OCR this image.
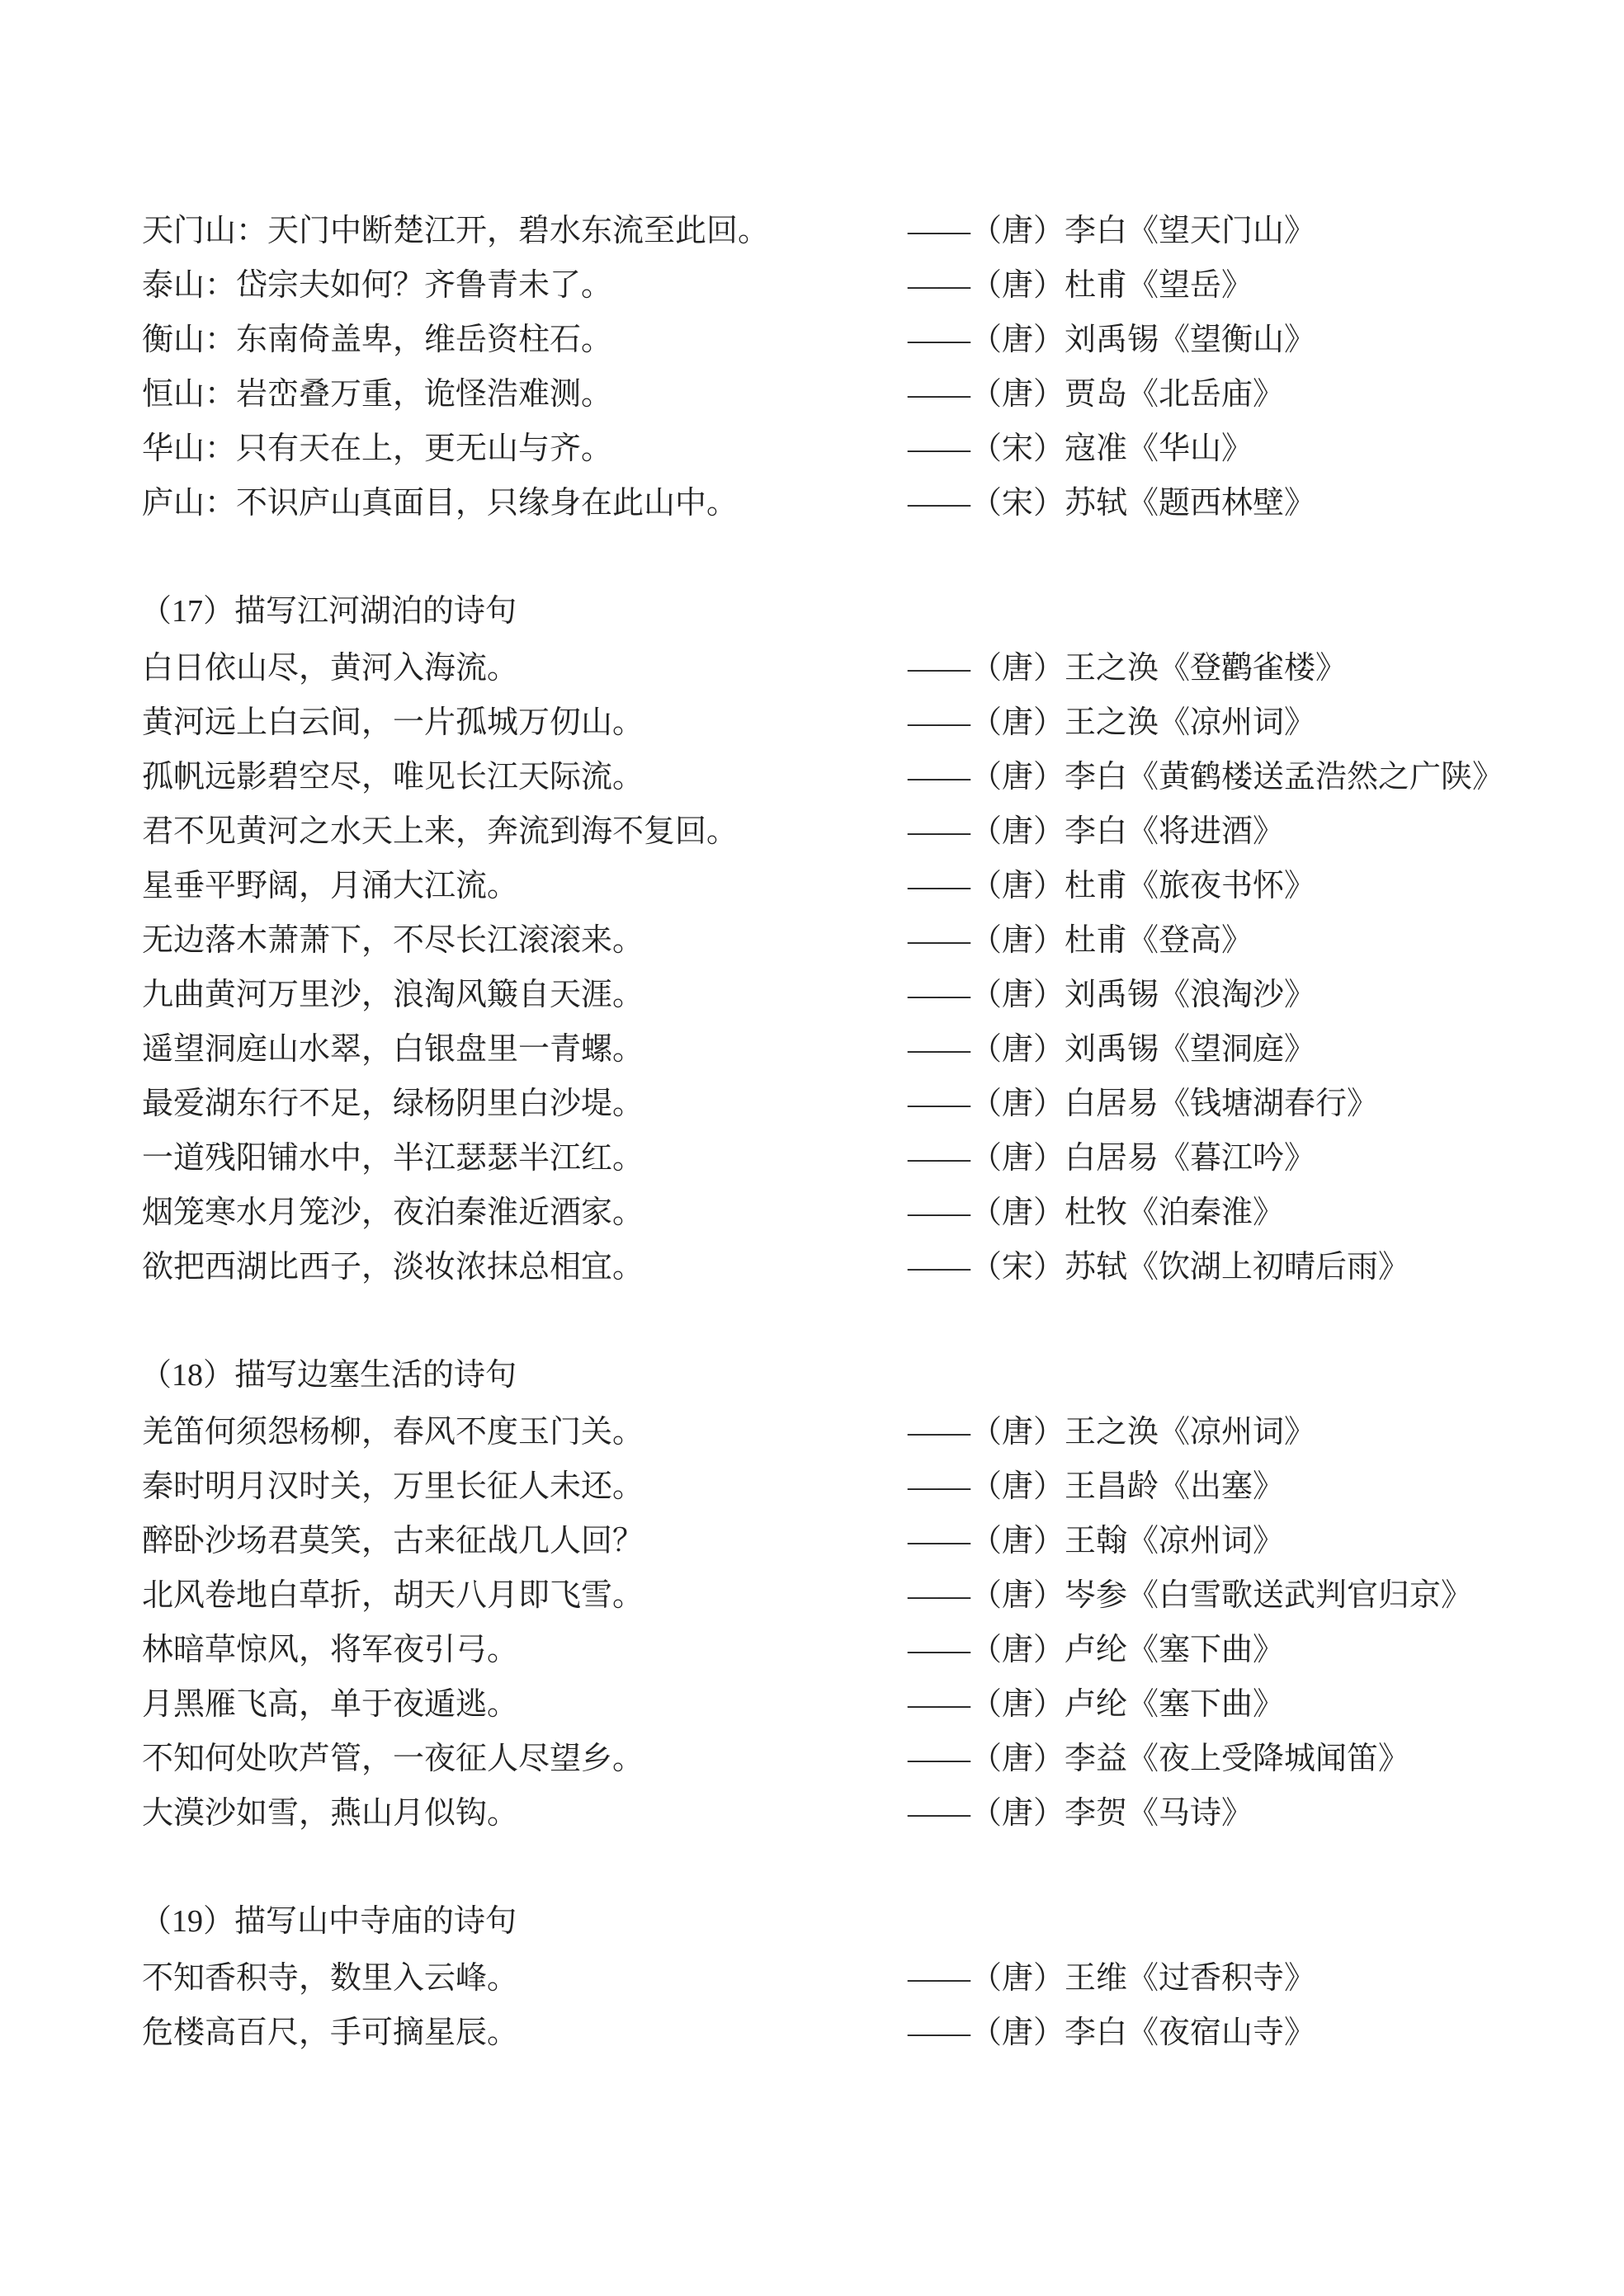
天门山：天门中断楚江开，碧水东流至此回。	——（唐）李白《望天门山》
泰山：岱宗夫如何？齐鲁青未了。	——（唐）杜甫《望岳》
衡山：东南倚盖卑，维岳资柱石。	——（唐）刘禹锡《望衡山》
恒山：岩峦叠万重，诡怪浩难测。	——（唐）贾岛《北岳庙》
华山：只有天在上，更无山与齐。	——（宋）寇准《华山》
庐山：不识庐山真面目，只缘身在此山中。	——（宋）苏轼《题西林壁》
（17）描写江河湖泊的诗句
白日依山尽，黄河入海流。	——（唐）王之涣《登鹳雀楼》
黄河远上白云间，一片孤城万仞山。	——（唐）王之涣《凉州词》
孤帆远影碧空尽，唯见长江天际流。	——（唐）李白《黄鹤楼送孟浩然之广陕》
君不见黄河之水天上来，奔流到海不复回。	——（唐）李白《将进酒》
星垂平野阔，月涌大江流。	——（唐）杜甫《旅夜书怀》
无边落木萧萧下，不尽长江滚滚来。	——（唐）杜甫《登高》
九曲黄河万里沙，浪淘风簸自天涯。	——（唐）刘禹锡《浪淘沙》
遥望洞庭山水翠，白银盘里一青螺。	——（唐）刘禹锡《望洞庭》
最爱湖东行不足，绿杨阴里白沙堤。	——（唐）白居易《钱塘湖春行》
一道残阳铺水中，半江瑟瑟半江红。	——（唐）白居易《暮江吟》
烟笼寒水月笼沙，夜泊秦淮近酒家。	——（唐）杜牧《泊秦淮》
欲把西湖比西子，淡妆浓抹总相宜。	——（宋）苏轼《饮湖上初晴后雨》
（18）描写边塞生活的诗句
羌笛何须怨杨柳，春风不度玉门关。	——（唐）王之涣《凉州词》
秦时明月汉时关，万里长征人未还。	——（唐）王昌龄《出塞》
醉卧沙场君莫笑，古来征战几人回？	——（唐）王翰《凉州词》
北风卷地白草折，胡天八月即飞雪。	——（唐）岑参《白雪歌送武判官归京》
林暗草惊风，将军夜引弓。	——（唐）卢纶《塞下曲》
月黑雁飞高，单于夜遁逃。	——（唐）卢纶《塞下曲》
不知何处吹芦管，一夜征人尽望乡。	——（唐）李益《夜上受降城闻笛》
大漠沙如雪，燕山月似钩。	——（唐）李贺《马诗》
（19）描写山中寺庙的诗句
不知香积寺，数里入云峰。	——（唐）王维《过香积寺》
危楼高百尺，手可摘星辰。	——（唐）李白《夜宿山寺》
